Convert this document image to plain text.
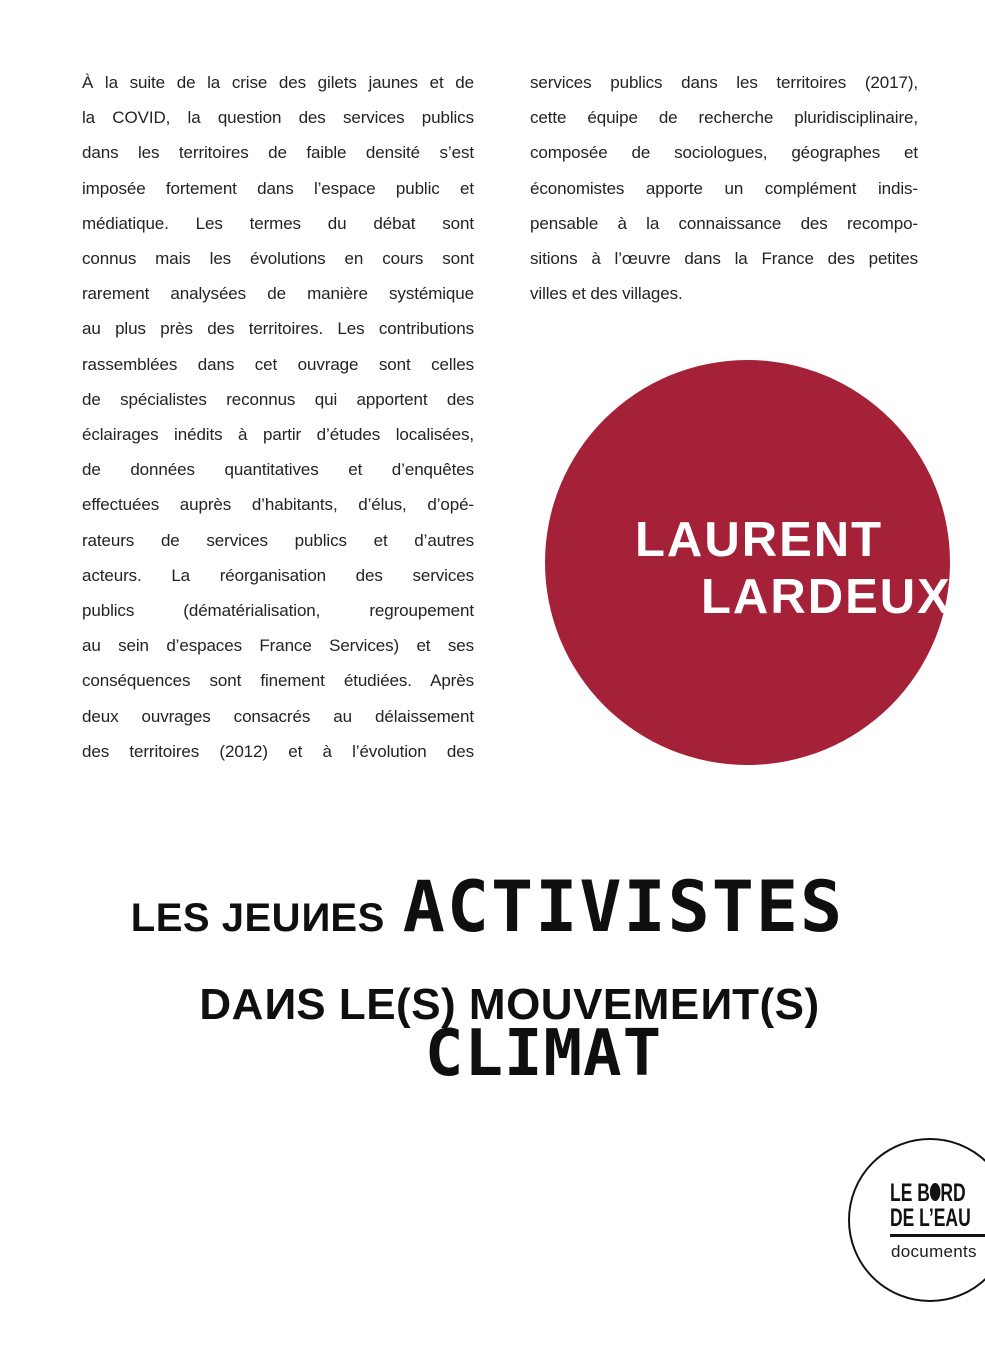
À la suite de la crise des gilets jaunes et de
la COVID, la question des services publics
dans les territoires de faible densité s’est
imposée fortement dans l’espace public et
médiatique. Les termes du débat sont
connus mais les évolutions en cours sont
rarement analysées de manière systémique
au plus près des territoires. Les contributions
rassemblées dans cet ouvrage sont celles
de spécialistes reconnus qui apportent des
éclairages inédits à partir d’études localisées,
de données quantitatives et d’enquêtes
effectuées auprès d’habitants, d’élus, d’opé-
rateurs de services publics et d’autres
acteurs. La réorganisation des services
publics (dématérialisation, regroupement
au sein d’espaces France Services) et ses
conséquences sont finement étudiées. Après
deux ouvrages consacrés au délaissement
des territoires (2012) et à l’évolution des
services publics dans les territoires (2017),
cette équipe de recherche pluridisciplinaire,
composée de sociologues, géographes et
économistes apporte un complément indis-
pensable à la connaissance des recompo-
sitions à l’œuvre dans la France des petites
villes et des villages.
LAURENT
LARDEUX
LES JEUNES ACTIVISTES
DANS LE(S) MOUVEMENT(S)
CLIMAT
LE B RD
DE L’EAU
documents
